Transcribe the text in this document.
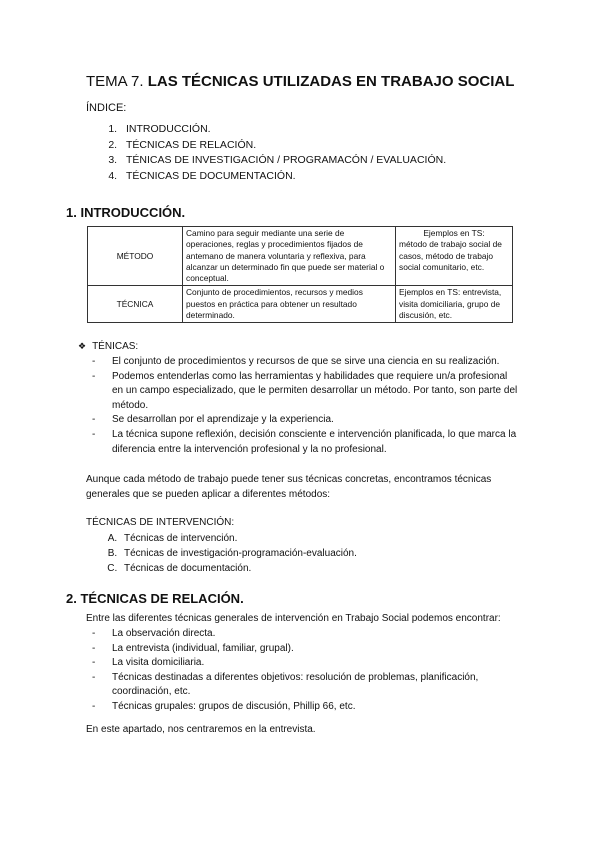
TEMA 7. LAS TÉCNICAS UTILIZADAS EN TRABAJO SOCIAL
ÍNDICE:
1. INTRODUCCIÓN.
2. TÉCNICAS DE RELACIÓN.
3. TÉNICAS DE INVESTIGACIÓN / PROGRAMACÓN / EVALUACIÓN.
4. TÉCNICAS DE DOCUMENTACIÓN.
1. INTRODUCCIÓN.
MÉTODO	Camino para seguir mediante una serie de operaciones, reglas y procedimientos fijados de antemano de manera voluntaria y reflexiva, para alcanzar un determinado fin que puede ser material o conceptual.	Ejemplos en TS:
método de trabajo social de casos, método de trabajo social comunitario, etc.

TÉCNICA	Conjunto de procedimientos, recursos y medios puestos en práctica para obtener un resultado determinado.	Ejemplos en TS: entrevista, visita domiciliaria, grupo de discusión, etc.
❖ TÉNICAS:
- El conjunto de procedimientos y recursos de que se sirve una ciencia en su realización.
- Podemos entenderlas como las herramientas y habilidades que requiere un/a profesional en un campo especializado, que le permiten desarrollar un método. Por tanto, son parte del método.
- Se desarrollan por el aprendizaje y la experiencia.
- La técnica supone reflexión, decisión consciente e intervención planificada, lo que marca la diferencia entre la intervención profesional y la no profesional.
Aunque cada método de trabajo puede tener sus técnicas concretas, encontramos técnicas generales que se pueden aplicar a diferentes métodos:
TÉCNICAS DE INTERVENCIÓN:
A. Técnicas de intervención.
B. Técnicas de investigación-programación-evaluación.
C. Técnicas de documentación.
2. TÉCNICAS DE RELACIÓN.
Entre las diferentes técnicas generales de intervención en Trabajo Social podemos encontrar:
- La observación directa.
- La entrevista (individual, familiar, grupal).
- La visita domiciliaria.
- Técnicas destinadas a diferentes objetivos: resolución de problemas, planificación, coordinación, etc.
- Técnicas grupales: grupos de discusión, Phillip 66, etc.
En este apartado, nos centraremos en la entrevista.
